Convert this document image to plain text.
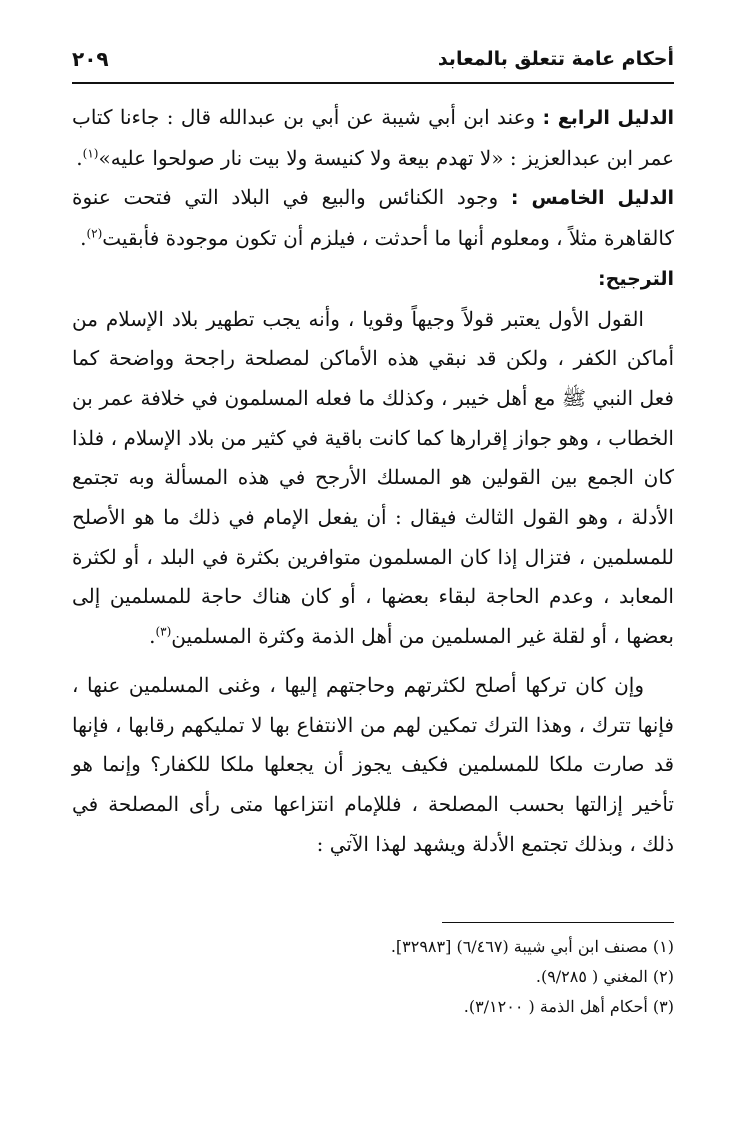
أحكام عامة تتعلق بالمعابد
٢٠٩

الدليل الرابع : وعند ابن أبي شيبة عن أبي بن عبدالله قال : جاءنا كتاب عمر ابن عبدالعزيز : «لا تهدم بيعة ولا كنيسة ولا بيت نار صولحوا عليه»$^{(١)}$.

الدليل الخامس : وجود الكنائس والبيع في البلاد التي فتحت عنوة كالقاهرة مثلاً ، ومعلوم أنها ما أحدثت ، فيلزم أن تكون موجودة فأبقيت$^{(٢)}$.

الترجيح:

القول الأول يعتبر قولاً وجيهاً وقويا ، وأنه يجب تطهير بلاد الإسلام من أماكن الكفر ، ولكن قد نبقي هذه الأماكن لمصلحة راجحة وواضحة كما فعل النبي ﷺ مع أهل خيبر ، وكذلك ما فعله المسلمون في خلافة عمر بن الخطاب ، وهو جواز إقرارها كما كانت باقية في كثير من بلاد الإسلام ، فلذا كان الجمع بين القولين هو المسلك الأرجح في هذه المسألة وبه تجتمع الأدلة ، وهو القول الثالث فيقال : أن يفعل الإمام في ذلك ما هو الأصلح للمسلمين ، فتزال إذا كان المسلمون متوافرين بكثرة في البلد ، أو لكثرة المعابد ، وعدم الحاجة لبقاء بعضها ، أو كان هناك حاجة للمسلمين إلى بعضها ، أو لقلة غير المسلمين من أهل الذمة وكثرة المسلمين$^{(٣)}$.

وإن كان تركها أصلح لكثرتهم وحاجتهم إليها ، وغنى المسلمين عنها ، فإنها تترك ، وهذا الترك تمكين لهم من الانتفاع بها لا تمليكهم رقابها ، فإنها قد صارت ملكا للمسلمين فكيف يجوز أن يجعلها ملكا للكفار؟ وإنما هو تأخير إزالتها بحسب المصلحة ، فللإمام انتزاعها متى رأى المصلحة في ذلك ، وبذلك تجتمع الأدلة ويشهد لهذا الآتي :

(١) مصنف ابن أبي شيبة (٦/٤٦٧) [٣٢٩٨٣].
(٢) المغني ( ٩/٢٨٥).
(٣) أحكام أهل الذمة ( ٣/١٢٠٠).
